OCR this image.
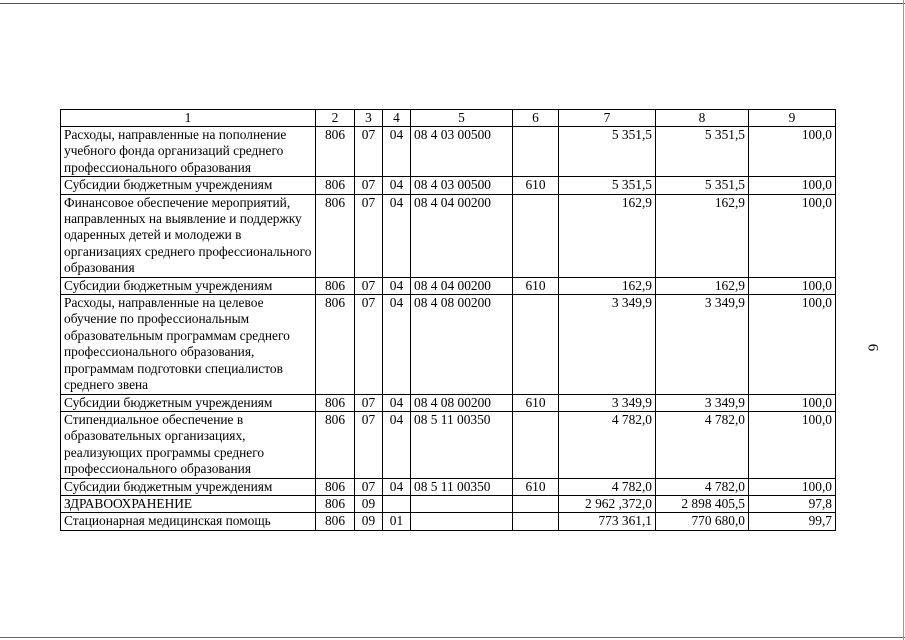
1	2	3	4	5	6	7	8	9
Расходы, направленные на пополнение учебного фонда организаций среднего профессионального образования	806	07	04	08 4 03 00500		5 351,5	5 351,5	100,0
Субсидии бюджетным учреждениям	806	07	04	08 4 03 00500	610	5 351,5	5 351,5	100,0
Финансовое обеспечение мероприятий, направленных на выявление и поддержку одаренных детей и молодежи в организациях среднего профессионального образования	806	07	04	08 4 04 00200		162,9	162,9	100,0
Субсидии бюджетным учреждениям	806	07	04	08 4 04 00200	610	162,9	162,9	100,0
Расходы, направленные на целевое обучение по профессиональным образовательным программам среднего профессионального образования, программам подготовки специалистов среднего звена	806	07	04	08 4 08 00200		3 349,9	3 349,9	100,0
Субсидии бюджетным учреждениям	806	07	04	08 4 08 00200	610	3 349,9	3 349,9	100,0
Стипендиальное обеспечение в образовательных организациях, реализующих программы среднего профессионального образования	806	07	04	08 5 11 00350		4 782,0	4 782,0	100,0
Субсидии бюджетным учреждениям	806	07	04	08 5 11 00350	610	4 782,0	4 782,0	100,0
ЗДРАВООХРАНЕНИЕ	806	09				2 962 ,372,0	2 898 405,5	97,8
Стационарная медицинская помощь	806	09	01			773 361,1	770 680,0	99,7
6
